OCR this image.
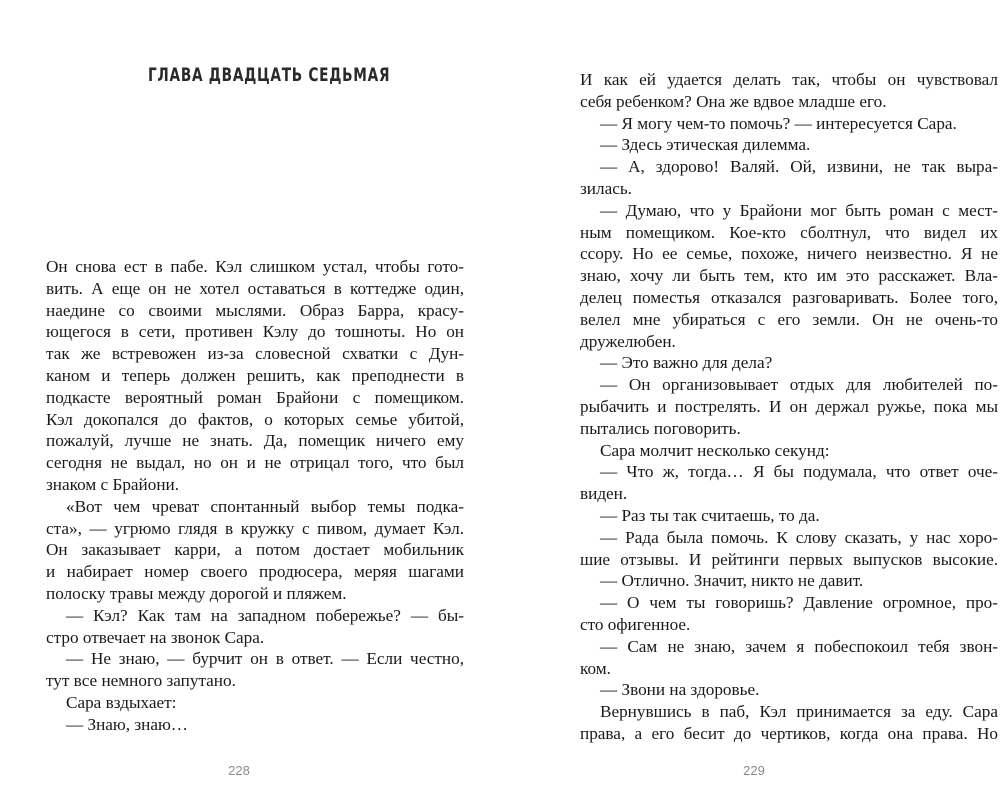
ГЛАВА ДВАДЦАТЬ СЕДЬМАЯ

Он снова ест в пабе. Кэл слишком устал, чтобы гото-

вить. А еще он не хотел оставаться в коттедже один,

наедине со своими мыслями. Образ Барра, красу-

ющегося в сети, противен Кэлу до тошноты. Но он

так же встревожен из-за словесной схватки с Дун-

каном и теперь должен решить, как преподнести в

подкасте вероятный роман Брайони с помещиком.

Кэл докопался до фактов, о которых семье убитой,

пожалуй, лучше не знать. Да, помещик ничего ему

сегодня не выдал, но он и не отрицал того, что был

знаком с Брайони.

«Вот чем чреват спонтанный выбор темы подка-

ста», — угрюмо глядя в кружку с пивом, думает Кэл.

Он заказывает карри, а потом достает мобильник

и набирает номер своего продюсера, меряя шагами

полоску травы между дорогой и пляжем.

— Кэл? Как там на западном побережье? — бы-

стро отвечает на звонок Сара.

— Не знаю, — бурчит он в ответ. — Если честно,

тут все немного запутано.

Сара вздыхает:

— Знаю, знаю…

228

И как ей удается делать так, чтобы он чувствовал

себя ребенком? Она же вдвое младше его.

— Я могу чем-то помочь? — интересуется Сара.

— Здесь этическая дилемма.

— А, здорово! Валяй. Ой, извини, не так выра-

зилась.

— Думаю, что у Брайони мог быть роман с мест-

ным помещиком. Кое-кто сболтнул, что видел их

ссору. Но ее семье, похоже, ничего неизвестно. Я не

знаю, хочу ли быть тем, кто им это расскажет. Вла-

делец поместья отказался разговаривать. Более того,

велел мне убираться с его земли. Он не очень-то

дружелюбен.

— Это важно для дела?

— Он организовывает отдых для любителей по-

рыбачить и пострелять. И он держал ружье, пока мы

пытались поговорить.

Сара молчит несколько секунд:

— Что ж, тогда… Я бы подумала, что ответ оче-

виден.

— Раз ты так считаешь, то да.

— Рада была помочь. К слову сказать, у нас хоро-

шие отзывы. И рейтинги первых выпусков высокие.

— Отлично. Значит, никто не давит.

— О чем ты говоришь? Давление огромное, про-

сто офигенное.

— Сам не знаю, зачем я побеспокоил тебя звон-

ком.

— Звони на здоровье.

Вернувшись в паб, Кэл принимается за еду. Сара

права, а его бесит до чертиков, когда она права. Но

229
